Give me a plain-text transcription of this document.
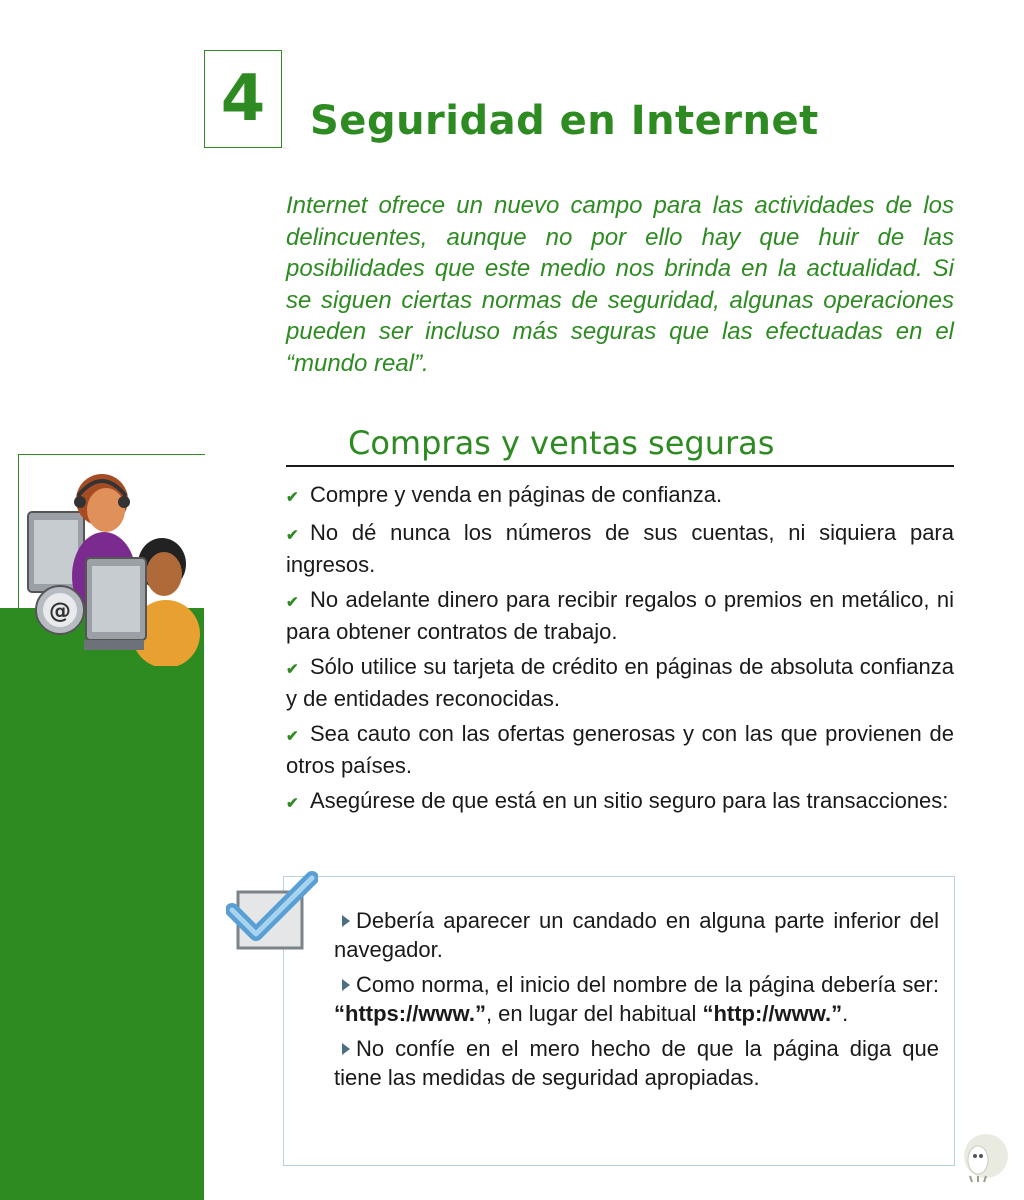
@
4 Seguridad en Internet

Internet ofrece un nuevo campo para las actividades de los delincuentes, aunque no por ello hay que huir de las posibilidades que este medio nos brinda en la actualidad. Si se siguen ciertas normas de seguridad, algunas operaciones pueden ser incluso más seguras que las efectuadas en el “mundo real”.

Compras y ventas seguras
✔ Compre y venda en páginas de confianza.
✔ No dé nunca los números de sus cuentas, ni siquiera para ingresos.
✔ No adelante dinero para recibir regalos o premios en metálico, ni para obtener contratos de trabajo.
✔ Sólo utilice su tarjeta de crédito en páginas de absoluta confianza y de entidades reconocidas.
✔ Sea cauto con las ofertas generosas y con las que provienen de otros países.
✔ Asegúrese de que está en un sitio seguro para las transacciones:
Debería aparecer un candado en alguna parte inferior del navegador.
Como norma, el inicio del nombre de la página debería ser: “https://www.”, en lugar del habitual “http://www.”.
No confíe en el mero hecho de que la página diga que tiene las medidas de seguridad apropiadas.
